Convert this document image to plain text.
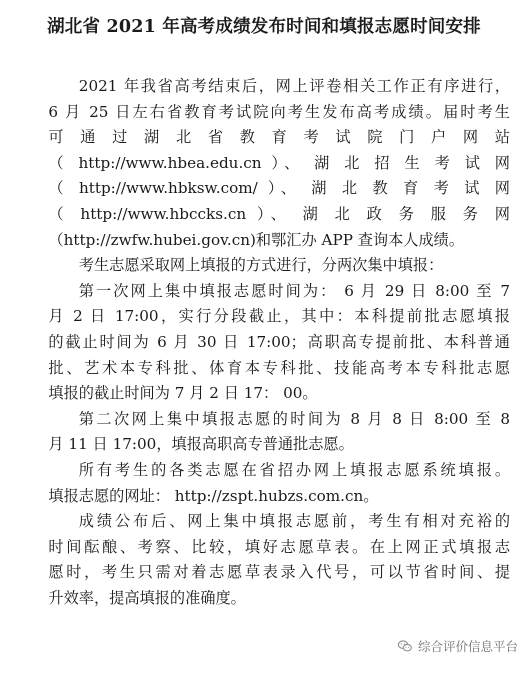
湖北省 2021 年高考成绩发布时间和填报志愿时间安排

2021 年我省高考结束后，网上评卷相关工作正有序进行，
6 月 25 日左右省教育考试院向考生发布高考成绩。届时考生
可 通 过 湖 北 省 教 育 考 试 院 门 户 网 站
（ http://www.hbea.edu.cn ）、 湖 北 招 生 考 试 网
（ http://www.hbksw.com/ ）、 湖 北 教 育 考 试 网
（ http://www.hbccks.cn ）、 湖 北 政 务 服 务 网
（http://zwfw.hubei.gov.cn)和鄂汇办 APP 查询本人成绩。

考生志愿采取网上填报的方式进行，分两次集中填报：

第一次网上集中填报志愿时间为： 6 月 29 日 8:00 至 7
月 2 日 17:00，实行分段截止，其中：本科提前批志愿填报
的截止时间为 6 月 30 日 17:00；高职高专提前批、本科普通
批、艺术本专科批、体育本专科批、技能高考本专科批志愿
填报的截止时间为 7 月 2 日 17： 00。

第二次网上集中填报志愿的时间为 8 月 8 日 8:00 至 8
月 11 日 17:00，填报高职高专普通批志愿。

所有考生的各类志愿在省招办网上填报志愿系统填报。
填报志愿的网址： http://zspt.hubzs.com.cn。

成绩公布后、网上集中填报志愿前，考生有相对充裕的
时间酝酿、考察、比较，填好志愿草表。在上网正式填报志
愿时，考生只需对着志愿草表录入代号，可以节省时间、提
升效率，提高填报的准确度。

综合评价信息平台
